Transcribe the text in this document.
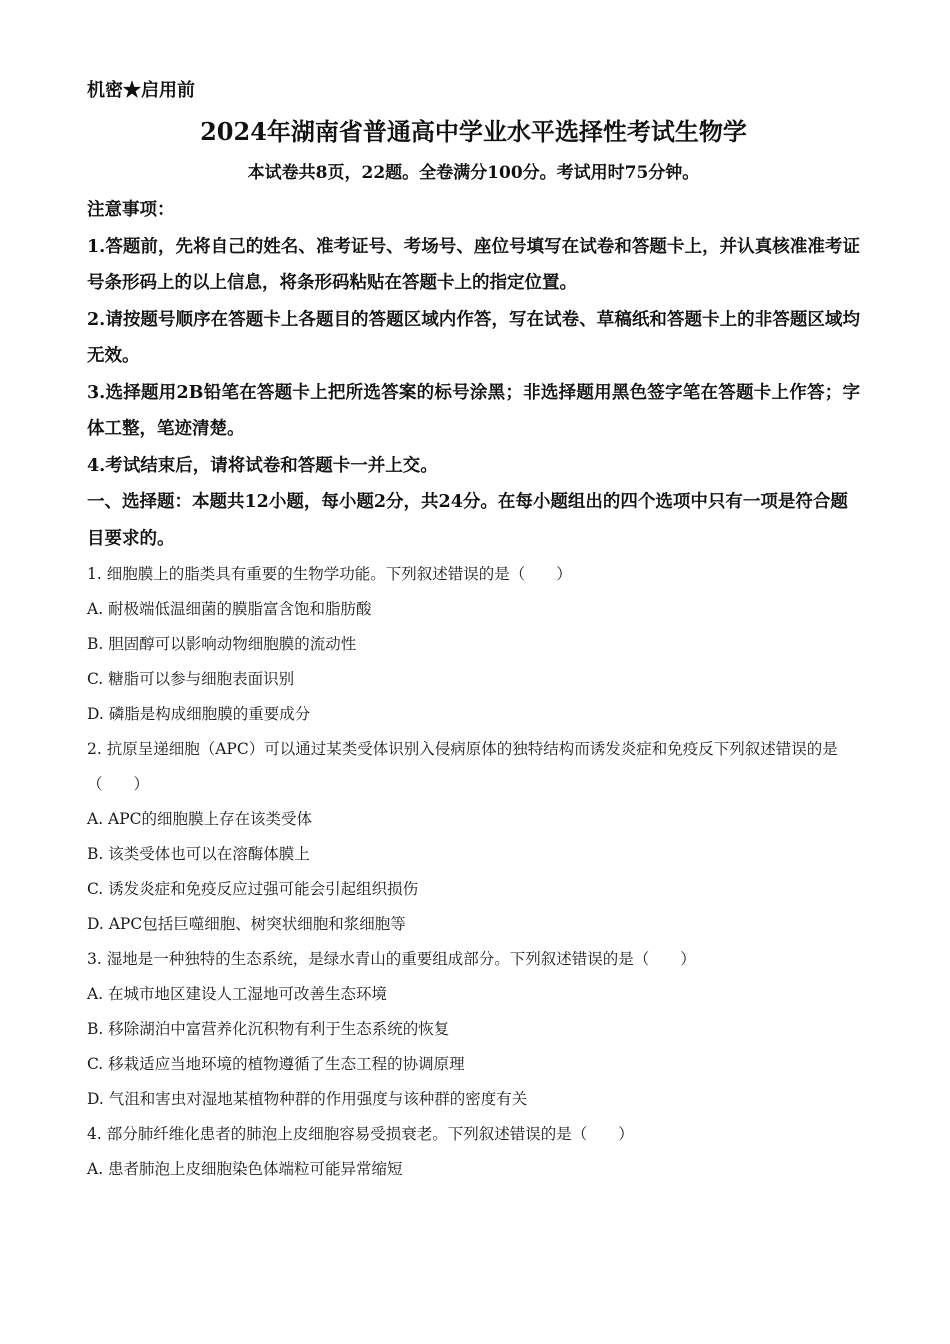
机密★启用前
2024年湖南省普通高中学业水平选择性考试生物学
本试卷共8页，22题。全卷满分100分。考试用时75分钟。
注意事项：
1.答题前，先将自己的姓名、准考证号、考场号、座位号填写在试卷和答题卡上，并认真核准准考证号条形码上的以上信息，将条形码粘贴在答题卡上的指定位置。
2.请按题号顺序在答题卡上各题目的答题区域内作答，写在试卷、草稿纸和答题卡上的非答题区域均无效。
3.选择题用2B铅笔在答题卡上把所选答案的标号涂黑；非选择题用黑色签字笔在答题卡上作答；字体工整，笔迹清楚。
4.考试结束后，请将试卷和答题卡一并上交。
一、选择题：本题共12小题，每小题2分，共24分。在每小题组出的四个选项中只有一项是符合题目要求的。
1. 细胞膜上的脂类具有重要的生物学功能。下列叙述错误的是（　　）
A. 耐极端低温细菌的膜脂富含饱和脂肪酸
B. 胆固醇可以影响动物细胞膜的流动性
C. 糖脂可以参与细胞表面识别
D. 磷脂是构成细胞膜的重要成分
2. 抗原呈递细胞（APC）可以通过某类受体识别入侵病原体的独特结构而诱发炎症和免疫反下列叙述错误的是（　　）
A. APC的细胞膜上存在该类受体
B. 该类受体也可以在溶酶体膜上
C. 诱发炎症和免疫反应过强可能会引起组织损伤
D. APC包括巨噬细胞、树突状细胞和浆细胞等
3. 湿地是一种独特的生态系统，是绿水青山的重要组成部分。下列叙述错误的是（　　）
A. 在城市地区建设人工湿地可改善生态环境
B. 移除湖泊中富营养化沉积物有利于生态系统的恢复
C. 移栽适应当地环境的植物遵循了生态工程的协调原理
D. 气沮和害虫对湿地某植物种群的作用强度与该种群的密度有关
4. 部分肺纤维化患者的肺泡上皮细胞容易受损衰老。下列叙述错误的是（　　）
A. 患者肺泡上皮细胞染色体端粒可能异常缩短
